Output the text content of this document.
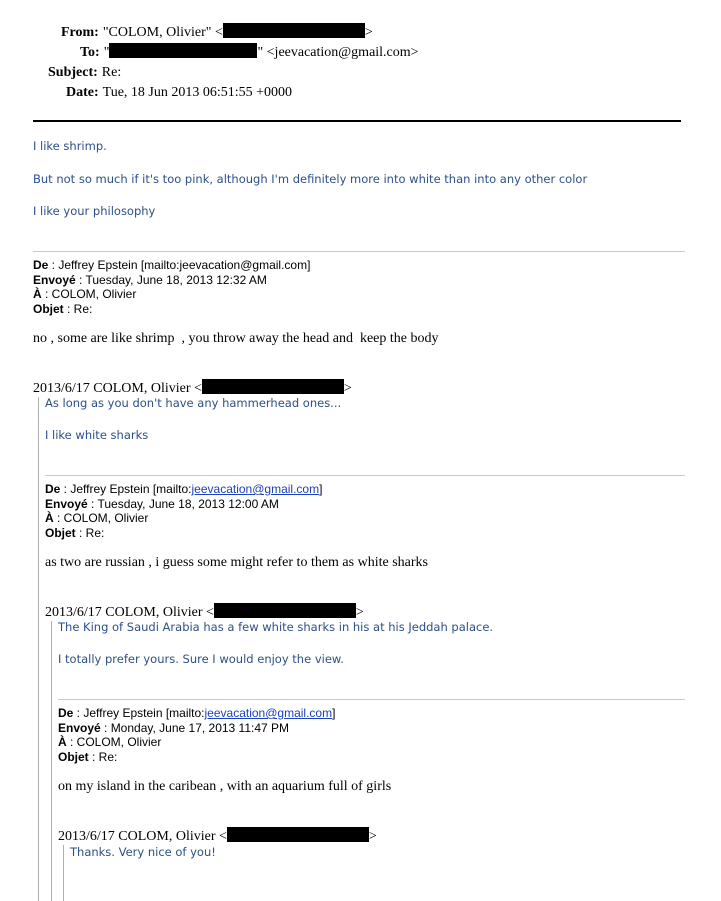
From: "COLOM, Olivier" <	>
To: "	" <jeevacation@gmail.com>
Subject: Re:
Date: Tue, 18 Jun 2013 06:51:55 +0000
I like shrimp.
But not so much if it's too pink, although I'm definitely more into white than into any other color
I like your philosophy
De : Jeffrey Epstein [mailto:jeevacation@gmail.com]
Envoyé : Tuesday, June 18, 2013 12:32 AM
À : COLOM, Olivier
Objet : Re:
no , some are like shrimp  , you throw away the head and  keep the body
2013/6/17 COLOM, Olivier <	>
As long as you don't have any hammerhead ones...
I like white sharks
De : Jeffrey Epstein [mailto:jeevacation@gmail.com]
Envoyé : Tuesday, June 18, 2013 12:00 AM
À : COLOM, Olivier
Objet : Re:
as two are russian , i guess some might refer to them as white sharks
2013/6/17 COLOM, Olivier <	>
The King of Saudi Arabia has a few white sharks in his at his Jeddah palace.
I totally prefer yours. Sure I would enjoy the view.
De : Jeffrey Epstein [mailto:jeevacation@gmail.com]
Envoyé : Monday, June 17, 2013 11:47 PM
À : COLOM, Olivier
Objet : Re:
on my island in the caribean , with an aquarium full of girls
2013/6/17 COLOM, Olivier <	>
Thanks. Very nice of you!
